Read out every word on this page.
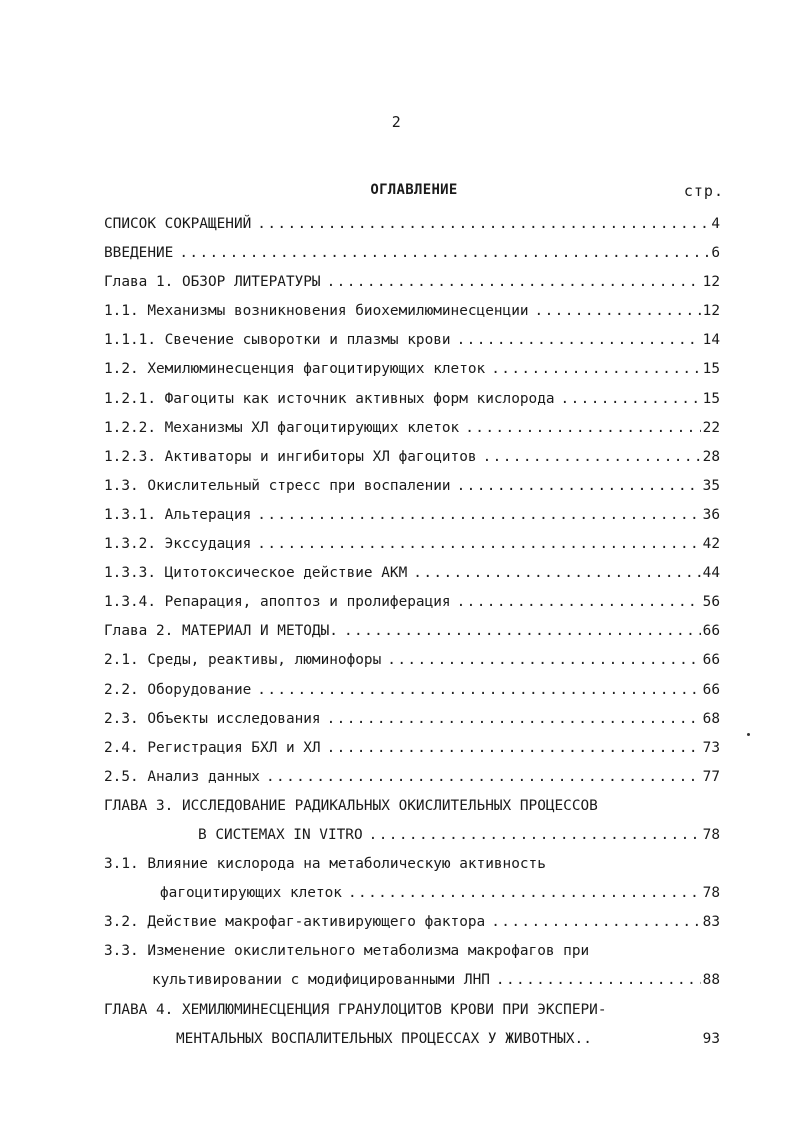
2
ОГЛАВЛЕНИЕ	стр.
СПИСОК СОКРАЩЕНИЙ .....	4
ВВЕДЕНИЕ .....	6
Глава 1. ОБЗОР ЛИТЕРАТУРЫ .....	12
1.1. Механизмы возникновения биохемилюминесценции .....	12
1.1.1. Свечение сыворотки и плазмы крови .....	14
1.2. Хемилюминесценция фагоцитирующих клеток .....	15
1.2.1. Фагоциты как источник активных форм кислорода .....	15
1.2.2. Механизмы ХЛ фагоцитирующих клеток .....	22
1.2.3. Активаторы и ингибиторы ХЛ фагоцитов .....	28
1.3. Окислительный стресс при воспалении .....	35
1.3.1. Альтерация .....	36
1.3.2. Экссудация .....	42
1.3.3. Цитотоксическое действие АКМ .....	44
1.3.4. Репарация, апоптоз и пролиферация .....	56
Глава 2. МАТЕРИАЛ И МЕТОДЫ. .....	66
2.1. Среды, реактивы, люминофоры .....	66
2.2. Оборудование .....	66
2.3. Объекты исследования .....	68
2.4. Регистрация БХЛ и ХЛ .....	73
2.5. Анализ данных .....	77
ГЛАВА 3. ИССЛЕДОВАНИЕ РАДИКАЛЬНЫХ ОКИСЛИТЕЛЬНЫХ ПРОЦЕССОВ
В СИСТЕМАХ IN VITRO .....	78
3.1. Влияние кислорода на метаболическую активность
фагоцитирующих клеток .....	78
3.2. Действие макрофаг-активирующего фактора .....	83
3.3. Изменение окислительного метаболизма макрофагов при
культивировании с модифицированными ЛНП .....	88
ГЛАВА 4. ХЕМИЛЮМИНЕСЦЕНЦИЯ ГРАНУЛОЦИТОВ КРОВИ ПРИ ЭКСПЕРИ-
МЕНТАЛЬНЫХ ВОСПАЛИТЕЛЬНЫХ ПРОЦЕССАХ У ЖИВОТНЫХ..	93
